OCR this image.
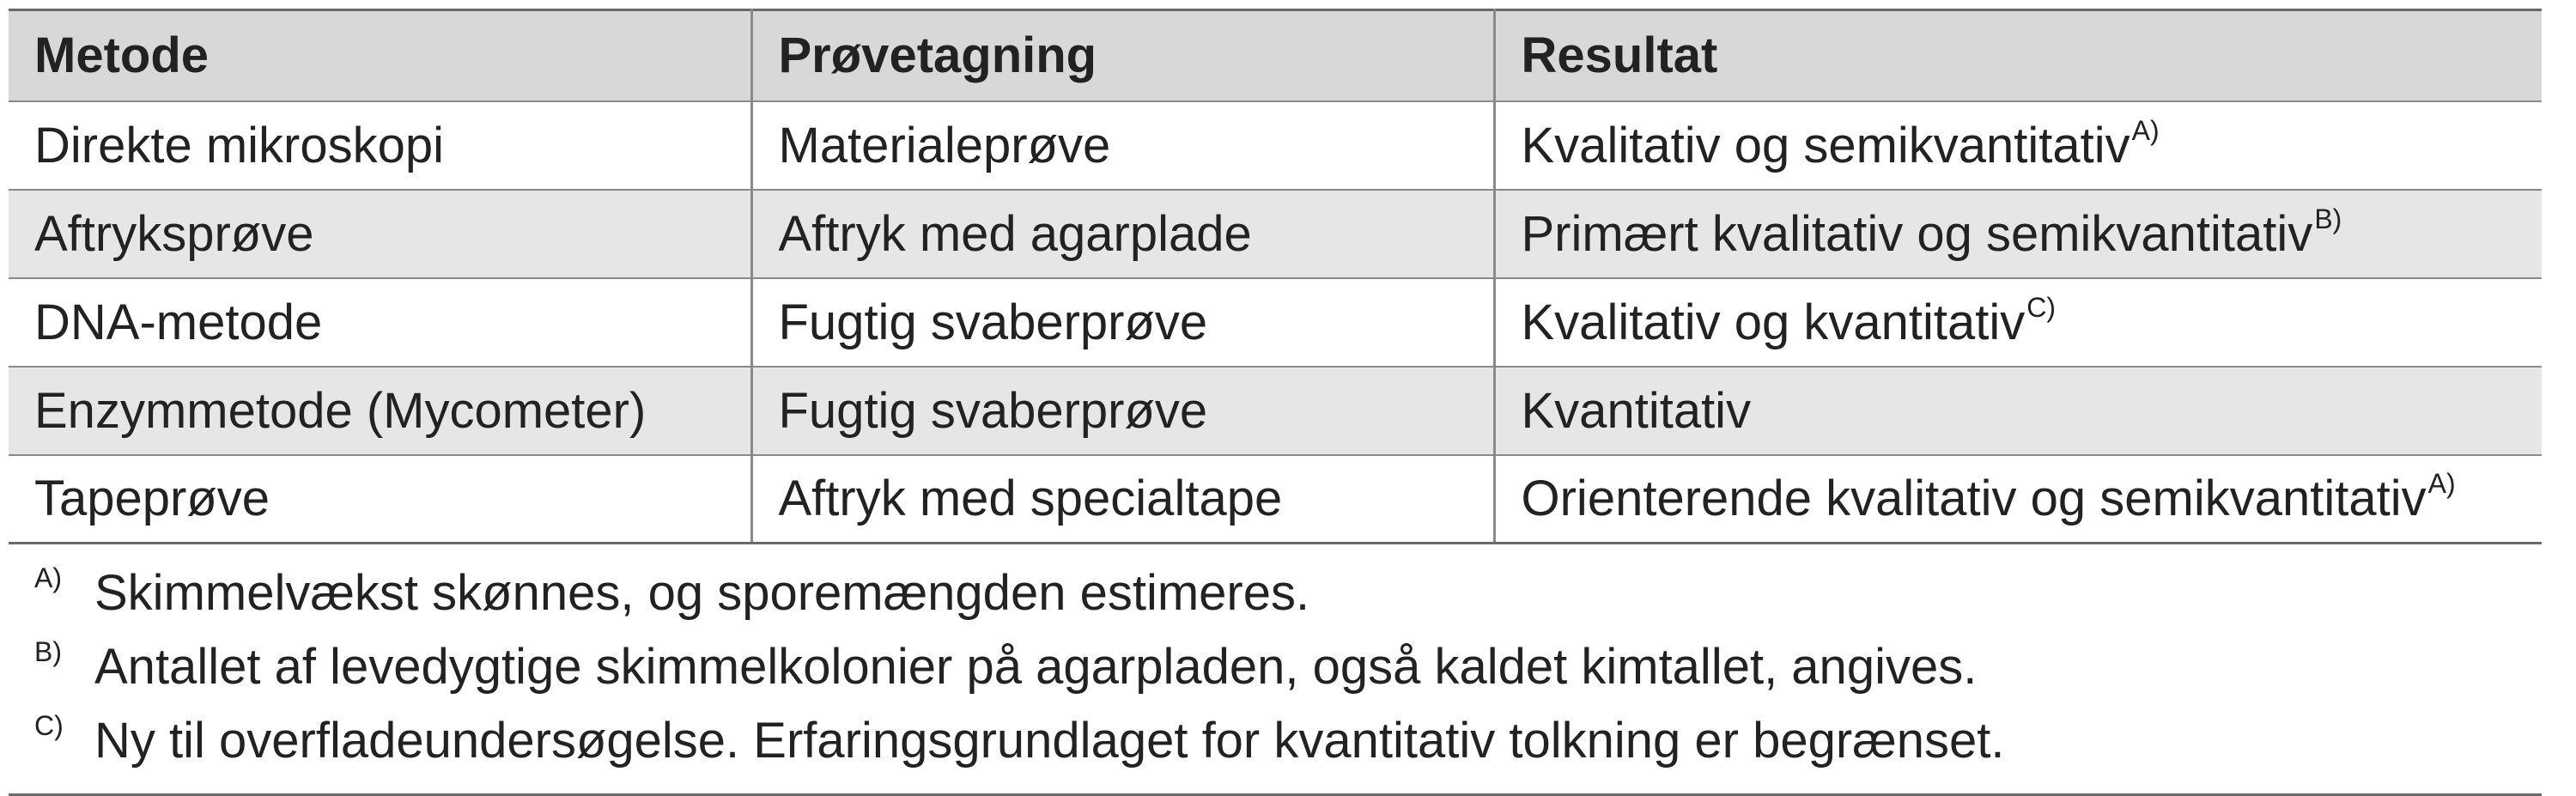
Metode	Prøvetagning	Resultat
Direkte mikroskopi	Materialeprøve	Kvalitativ og semikvantitativ$^{A)}$
Aftryksprøve	Aftryk med agarplade	Primært kvalitativ og semikvantitativ$^{B)}$
DNA-metode	Fugtig svaberprøve	Kvalitativ og kvantitativ$^{C)}$
Enzymmetode (Mycometer)	Fugtig svaberprøve	Kvantitativ
Tapeprøve	Aftryk med specialtape	Orienterende kvalitativ og semikvantitativ$^{A)}$
A) Skimmelvækst skønnes, og sporemængden estimeres.
B) Antallet af levedygtige skimmelkolonier på agarpladen, også kaldet kimtallet, angives.
C) Ny til overfladeundersøgelse. Erfaringsgrundlaget for kvantitativ tolkning er begrænset.
